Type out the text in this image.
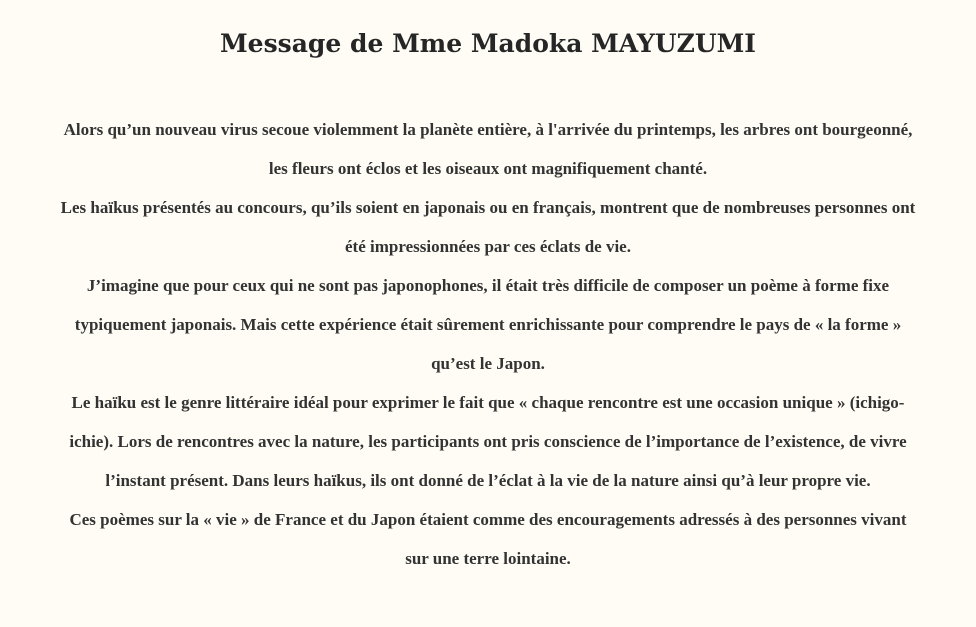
Message de Mme Madoka MAYUZUMI

Alors qu’un nouveau virus secoue violemment la planète entière, à l'arrivée du printemps, les arbres ont bourgeonné, les fleurs ont éclos et les oiseaux ont magnifiquement chanté.

Les haïkus présentés au concours, qu’ils soient en japonais ou en français, montrent que de nombreuses personnes ont été impressionnées par ces éclats de vie.

J’imagine que pour ceux qui ne sont pas japonophones, il était très difficile de composer un poème à forme fixe typiquement japonais. Mais cette expérience était sûrement enrichissante pour comprendre le pays de « la forme » qu’est le Japon.

Le haïku est le genre littéraire idéal pour exprimer le fait que « chaque rencontre est une occasion unique » (ichigo-ichie). Lors de rencontres avec la nature, les participants ont pris conscience de l’importance de l’existence, de vivre l’instant présent. Dans leurs haïkus, ils ont donné de l’éclat à la vie de la nature ainsi qu’à leur propre vie.

Ces poèmes sur la « vie » de France et du Japon étaient comme des encouragements adressés à des personnes vivant sur une terre lointaine.
